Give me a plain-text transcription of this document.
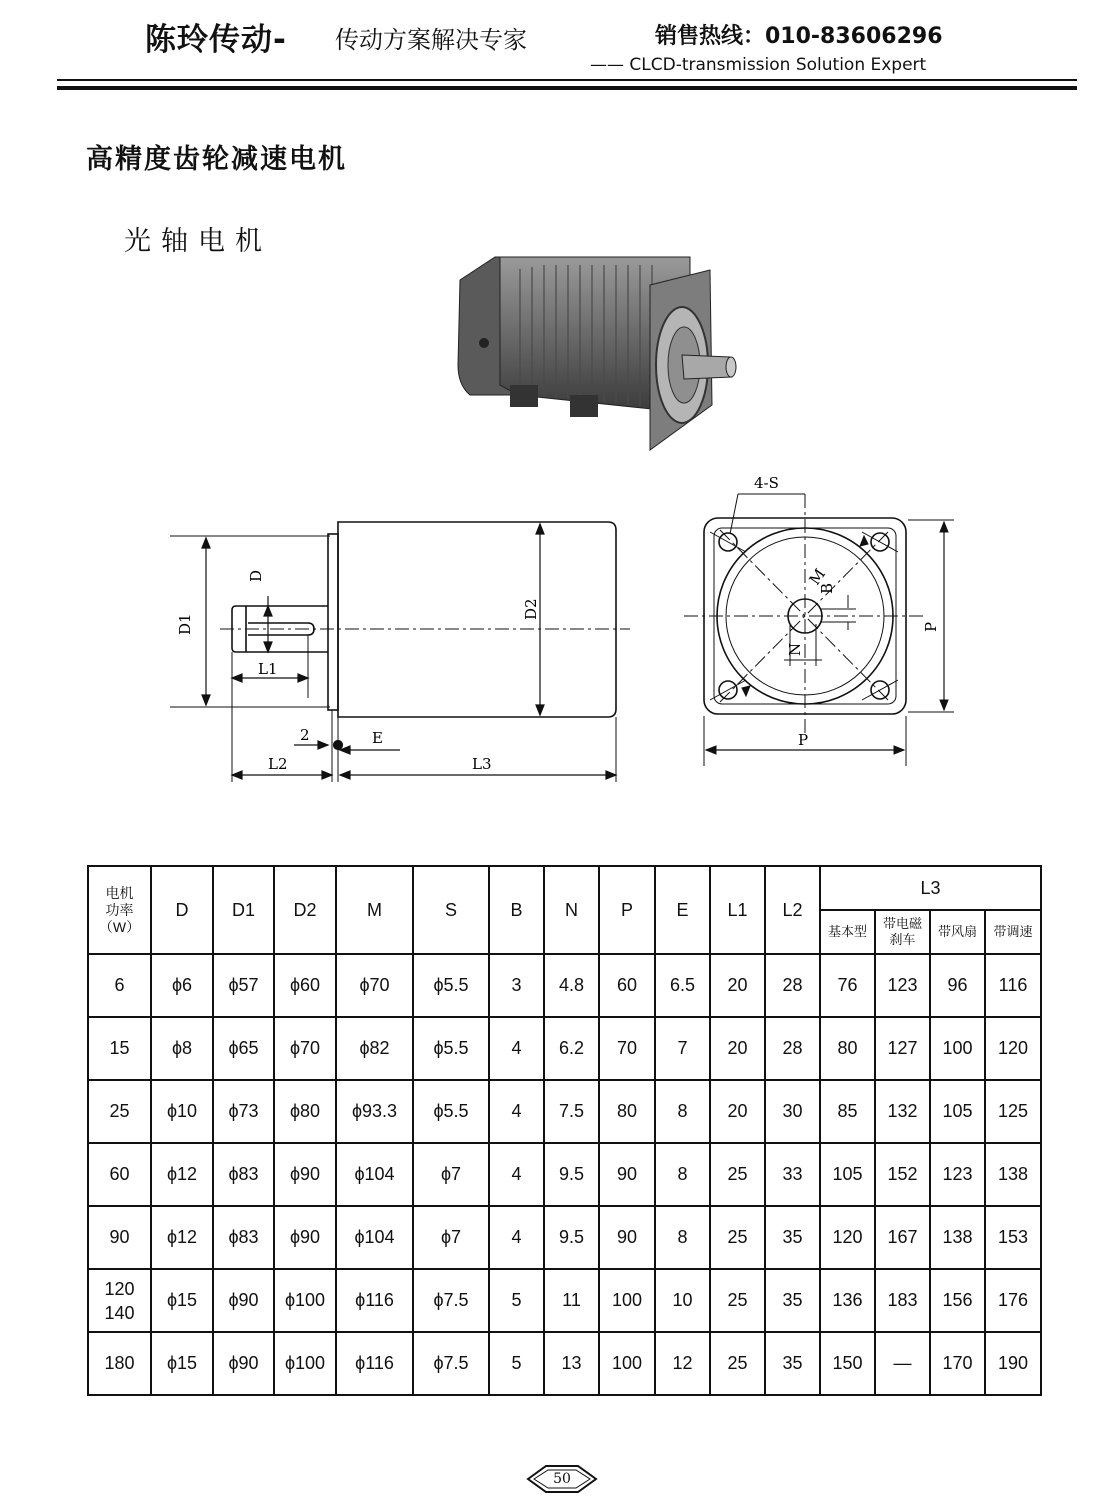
陈玲传动- 传动方案解决专家	销售热线：010-83606296
—— CLCD-transmission Solution Expert
高精度齿轮减速电机
光轴电机
D1
D
D2
L1
L2	L3
2	E
4-S
M
B
N
P
P
电机
功率
（W）	D	D1	D2	M	S	B	N	P	E	L1	L2	L3			
												基本型	带电磁
刹车	带风扇	带调速

6	ϕ6	ϕ57	ϕ60	ϕ70	ϕ5.5	3	4.8	60	6.5	20	28	76	123	96	116

15	ϕ8	ϕ65	ϕ70	ϕ82	ϕ5.5	4	6.2	70	7	20	28	80	127	100	120

25	ϕ10	ϕ73	ϕ80	ϕ93.3	ϕ5.5	4	7.5	80	8	20	30	85	132	105	125

60	ϕ12	ϕ83	ϕ90	ϕ104	ϕ7	4	9.5	90	8	25	33	105	152	123	138

90	ϕ12	ϕ83	ϕ90	ϕ104	ϕ7	4	9.5	90	8	25	35	120	167	138	153

120
140	ϕ15	ϕ90	ϕ100	ϕ116	ϕ7.5	5	11	100	10	25	35	136	183	156	176

180	ϕ15	ϕ90	ϕ100	ϕ116	ϕ7.5	5	13	100	12	25	35	150	—	170	190
50
